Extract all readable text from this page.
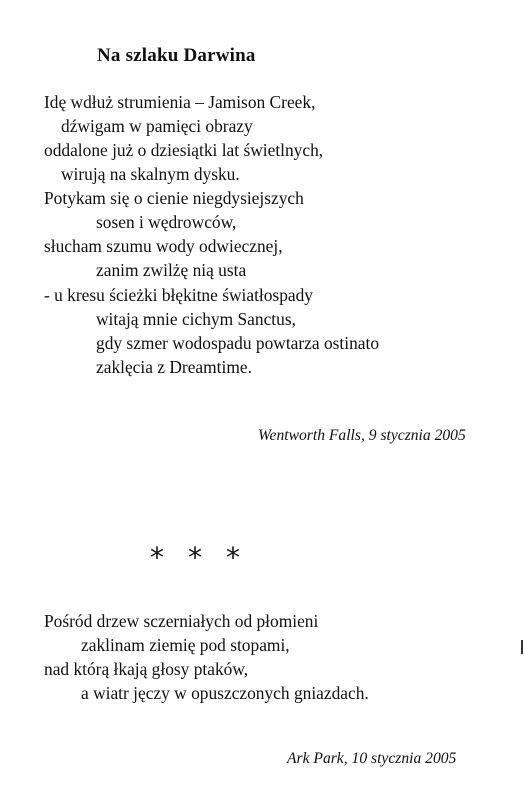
Na szlaku Darwina
Idę wdłuż strumienia – Jamison Creek,
dźwigam w pamięci obrazy
oddalone już o dziesiątki lat świetlnych,
wirują na skalnym dysku.
Potykam się o cienie niegdysiejszych
sosen i wędrowców,
słucham szumu wody odwiecznej,
zanim zwilżę nią usta
- u kresu ścieżki błękitne światłospady
witają mnie cichym Sanctus,
gdy szmer wodospadu powtarza ostinato
zaklęcia z Dreamtime.
Wentworth Falls, 9 stycznia 2005
* * *
Pośród drzew sczerniałych od płomieni
zaklinam ziemię pod stopami,
nad którą łkają głosy ptaków,
a wiatr jęczy w opuszczonych gniazdach.
Ark Park, 10 stycznia 2005
